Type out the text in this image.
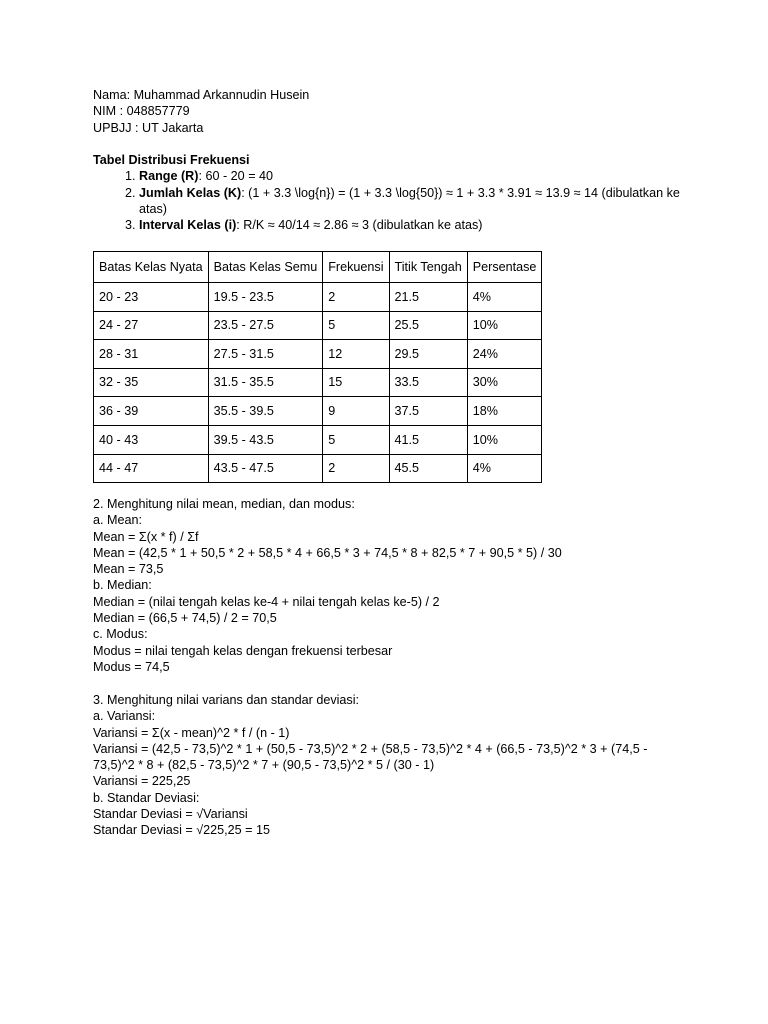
Nama: Muhammad Arkannudin Husein
NIM : 048857779
UPBJJ : UT Jakarta
Tabel Distribusi Frekuensi
1. Range (R): 60 - 20 = 40
2. Jumlah Kelas (K): (1 + 3.3 \log{n}) = (1 + 3.3 \log{50}) ≈ 1 + 3.3 * 3.91 ≈ 13.9 ≈ 14 (dibulatkan ke atas)
3. Interval Kelas (i): R/K ≈ 40/14 ≈ 2.86 ≈ 3 (dibulatkan ke atas)
Batas Kelas Nyata	Batas Kelas Semu	Frekuensi	Titik Tengah	Persentase
20 - 23	19.5 - 23.5	2	21.5	4%
24 - 27	23.5 - 27.5	5	25.5	10%
28 - 31	27.5 - 31.5	12	29.5	24%
32 - 35	31.5 - 35.5	15	33.5	30%
36 - 39	35.5 - 39.5	9	37.5	18%
40 - 43	39.5 - 43.5	5	41.5	10%
44 - 47	43.5 - 47.5	2	45.5	4%
2. Menghitung nilai mean, median, dan modus:
a. Mean:
Mean = Σ(x * f) / Σf
Mean = (42,5 * 1 + 50,5 * 2 + 58,5 * 4 + 66,5 * 3 + 74,5 * 8 + 82,5 * 7 + 90,5 * 5) / 30
Mean = 73,5
b. Median:
Median = (nilai tengah kelas ke-4 + nilai tengah kelas ke-5) / 2
Median = (66,5 + 74,5) / 2 = 70,5
c. Modus:
Modus = nilai tengah kelas dengan frekuensi terbesar
Modus = 74,5
3. Menghitung nilai varians dan standar deviasi:
a. Variansi:
Variansi = Σ(x - mean)^2 * f / (n - 1)
Variansi = (42,5 - 73,5)^2 * 1 + (50,5 - 73,5)^2 * 2 + (58,5 - 73,5)^2 * 4 + (66,5 - 73,5)^2 * 3 + (74,5 - 73,5)^2 * 8 + (82,5 - 73,5)^2 * 7 + (90,5 - 73,5)^2 * 5 / (30 - 1)
Variansi = 225,25
b. Standar Deviasi:
Standar Deviasi = √Variansi
Standar Deviasi = √225,25 = 15
